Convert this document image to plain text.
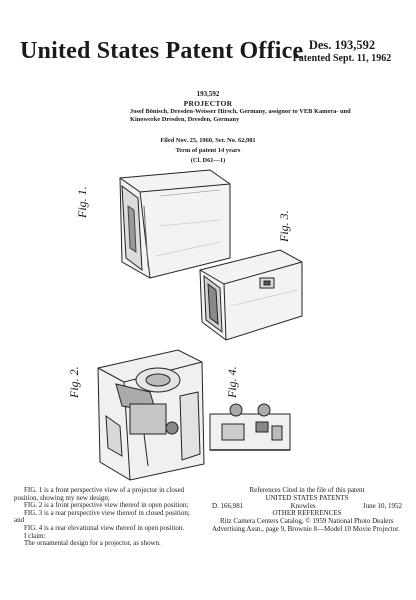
United States Patent Office Des. 193,592
Patented Sept. 11, 1962
193,592
PROJECTOR
Josef Bönisch, Dresden-Weisser Hirsch, Germany, assignor to VEB Kamera- und Kinowerke Dresden, Dresden, Germany
Filed Nov. 25, 1960, Ser. No. 62,981
Term of patent 14 years
(Cl. D61—1)
Fig. 1.
Fig. 3.
Fig. 2.	Fig. 4.

FIG. 1 is a front perspective view of a projector in closed position, showing my new design;

FIG. 2 is a front perspective view thereof in open position;

FIG. 3 is a rear perspective view thereof in closed position; and

FIG. 4 is a rear elevational view thereof in open position.

I claim:

The ornamental design for a projector, as shown.

References Cited in the file of this patent
UNITED STATES PATENTS
D. 166,981	Knowles	June 10, 1952
OTHER REFERENCES
Ritz Camera Centers Catalog, © 1959 National Photo Dealers Advertising Assn., page 9, Brownie 8—Model 10 Movie Projector.
